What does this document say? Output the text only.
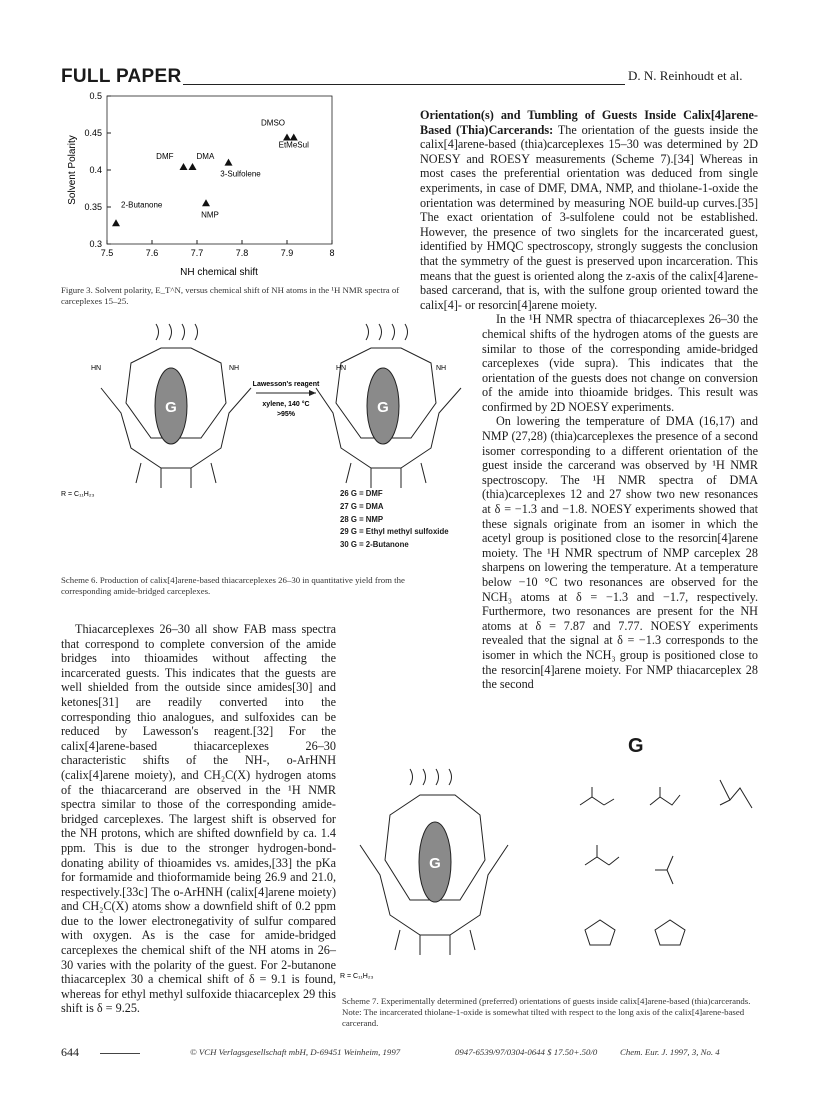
FULL PAPER	D. N. Reinhoudt et al.
0.3
0.35
0.4
0.45
0.5
7.5	7.6	7.7	7.8	7.9	8
DMSO
EtMeSul
DMF	DMA
3-Sulfolene
NMP
2-Butanone
Solvent Polarity
NH chemical shift

Figure 3. Solvent polarity, E_T^N, versus chemical shift of NH atoms in the ¹H NMR spectra of carceplexes 15–25.

G
HN	NH
R = C₁₁H₂₃
Lawesson's reagent
xylene, 140 °C
>95%	G
HN	NH
26 G = DMF
27 G = DMA
28 G = NMP
29 G = Ethyl methyl sulfoxide
30 G = 2-Butanone

Scheme 6. Production of calix[4]arene-based thiacarceplexes 26–30 in quantitative yield from the corresponding amide-bridged carceplexes.

Orientation(s) and Tumbling of Guests Inside Calix[4]arene-Based (Thia)Carcerands: The orientation of the guests inside the calix[4]arene-based (thia)carceplexes 15–30 was determined by 2D NOESY and ROESY measurements (Scheme 7).[34] Whereas in most cases the preferential orientation was deduced from single experiments, in case of DMF, DMA, NMP, and thiolane-1-oxide the orientation was determined by measuring NOE build-up curves.[35] The exact orientation of 3-sulfolene could not be established. However, the presence of two singlets for the incarcerated guest, identified by HMQC spectroscopy, strongly suggests the conclusion that the symmetry of the guest is preserved upon incarceration. This means that the guest is oriented along the z-axis of the calix[4]arene-based carcerand, that is, with the sulfone group oriented toward the calix[4]- or resorcin[4]arene moiety.

In the ¹H NMR spectra of thiacarceplexes 26–30 the chemical shifts of the hydrogen atoms of the guests are similar to those of the corresponding amide-bridged carceplexes (vide supra). This indicates that the orientation of the guests does not change on conversion of the amide into thioamide bridges. This result was confirmed by 2D NOESY experiments.

On lowering the temperature of DMA (16,17) and NMP (27,28) (thia)carceplexes the presence of a second isomer corresponding to a different orientation of the guest inside the carcerand was observed by ¹H NMR spectroscopy. The ¹H NMR spectra of DMA (thia)carceplexes 12 and 27 show two new resonances at δ = −1.3 and −1.8. NOESY experiments showed that these signals originate from an isomer in which the acetyl group is positioned close to the resorcin[4]arene moiety. The ¹H NMR spectrum of NMP carceplex 28 sharpens on lowering the temperature. At a temperature below −10 °C two resonances are observed for the NCH₃ atoms at δ = −1.3 and −1.7, respectively. Furthermore, two resonances are present for the NH atoms at δ = 7.87 and 7.77. NOESY experiments revealed that the signal at δ = −1.3 corresponds to the isomer in which the NCH₃ group is positioned close to the resorcin[4]arene moiety. For NMP thiacarceplex 28 the second

Thiacarceplexes 26–30 all show FAB mass spectra that correspond to complete conversion of the amide bridges into thioamides without affecting the incarcerated guests. This indicates that the guests are well shielded from the outside since amides[30] and ketones[31] are readily converted into the corresponding thio analogues, and sulfoxides can be reduced by Lawesson's reagent.[32] For the calix[4]arene-based thiacarceplexes 26–30 characteristic shifts of the NH-, o-ArHNH (calix[4]arene moiety), and CH₂C(X) hydrogen atoms of the thiacarcerand are observed in the ¹H NMR spectra similar to those of the corresponding amide-bridged carceplexes. The largest shift is observed for the NH protons, which are shifted downfield by ca. 1.4 ppm. This is due to the stronger hydrogen-bond-donating ability of thioamides vs. amides,[33] the pKa for formamide and thioformamide being 26.9 and 21.0, respectively.[33c] The o-ArHNH (calix[4]arene moiety) and CH₂C(X) atoms show a downfield shift of 0.2 ppm due to the lower electronegativity of sulfur compared with oxygen. As is the case for amide-bridged carceplexes the chemical shift of the NH atoms in 26–30 varies with the polarity of the guest. For 2-butanone thiacarceplex 30 a chemical shift of δ = 9.1 is found, whereas for ethyl methyl sulfoxide thiacarceplex 29 this shift is δ = 9.25.

G
G
R = C₁₁H₂₃

Scheme 7. Experimentally determined (preferred) orientations of guests inside calix[4]arene-based (thia)carcerands. Note: The incarcerated thiolane-1-oxide is somewhat tilted with respect to the long axis of the calix[4]arene-based carcerand.

644	© VCH Verlagsgesellschaft mbH, D-69451 Weinheim, 1997	0947-6539/97/0304-0644 $ 17.50+.50/0	Chem. Eur. J. 1997, 3, No. 4
